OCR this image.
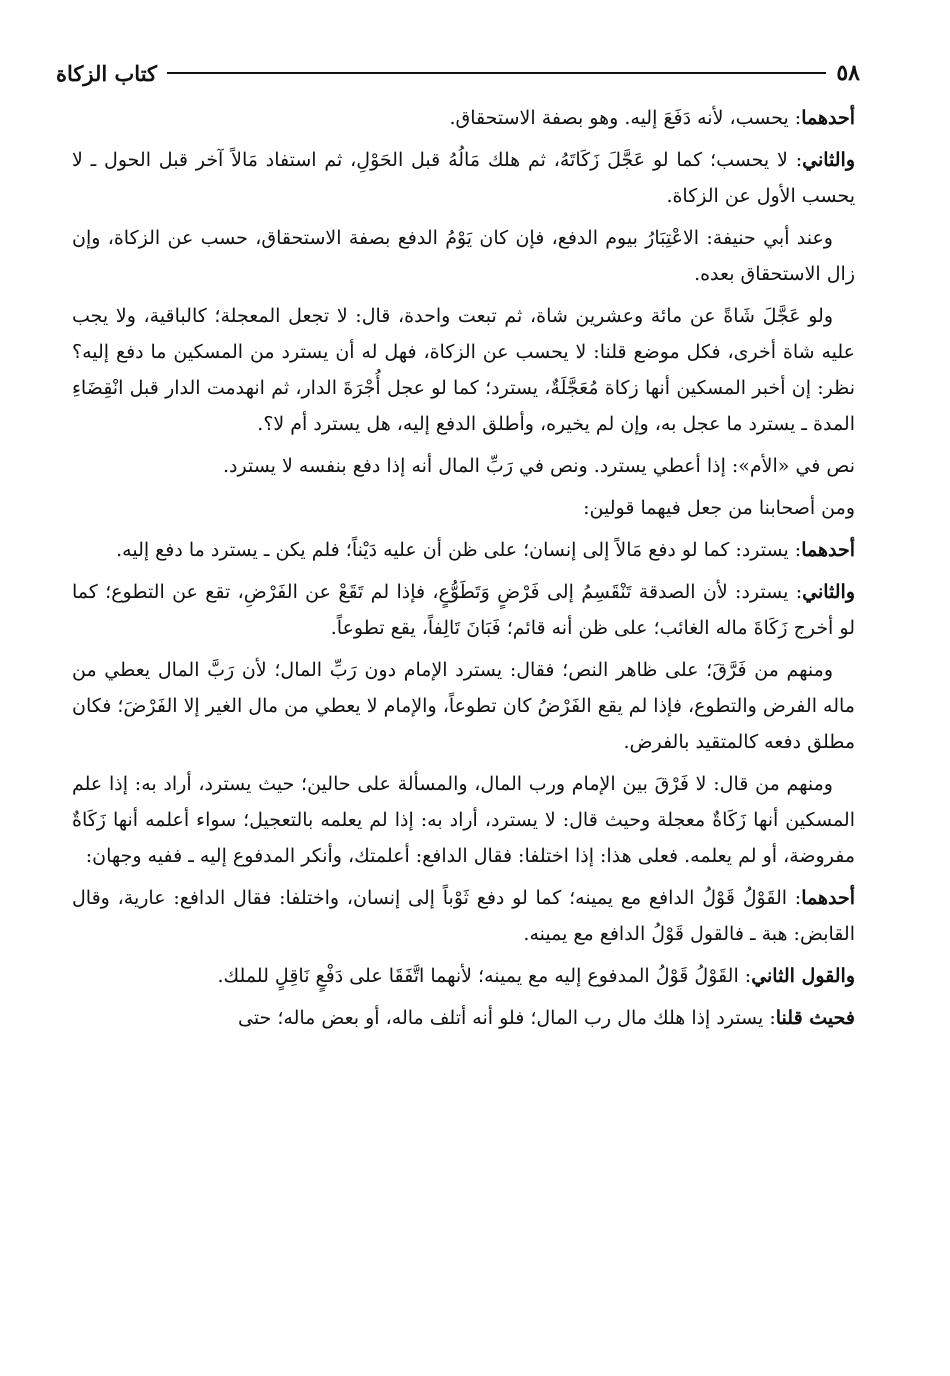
٥٨
كتاب الزكاة

أحدهما: يحسب، لأنه دَفَعَ إليه. وهو بصفة الاستحقاق.

والثاني: لا يحسب؛ كما لو عَجَّلَ زَكَاتَهُ، ثم هلك مَالُهُ قبل الحَوْلِ، ثم استفاد مَالاً آخر قبل الحول ـ لا يحسب الأول عن الزكاة.

وعند أبي حنيفة: الاعْتِبَارُ بيوم الدفع، فإن كان يَوْمُ الدفع بصفة الاستحقاق، حسب عن الزكاة، وإن زال الاستحقاق بعده.

ولو عَجَّلَ شَاةً عن مائة وعشرين شاة، ثم تبعت واحدة، قال: لا تجعل المعجلة؛ كالباقية، ولا يجب عليه شاة أخرى، فكل موضع قلنا: لا يحسب عن الزكاة، فهل له أن يسترد من المسكين ما دفع إليه؟ نظر: إن أخبر المسكين أنها زكاة مُعَجَّلَةٌ، يسترد؛ كما لو عجل أُجْرَةَ الدار، ثم انهدمت الدار قبل انْقِضَاءِ المدة ـ يسترد ما عجل به، وإن لم يخيره، وأطلق الدفع إليه، هل يسترد أم لا؟.

نص في «الأم»: إذا أعطي يسترد. ونص في رَبِّ المال أنه إذا دفع بنفسه لا يسترد.

ومن أصحابنا من جعل فيهما قولين:

أحدهما: يسترد: كما لو دفع مَالاً إلى إنسان؛ على ظن أن عليه دَيْناً؛ فلم يكن ـ يسترد ما دفع إليه.

والثاني: يسترد: لأن الصدقة تَنْقَسِمُ إلى فَرْضٍ وَتَطَوُّعٍ، فإذا لم تَقَعْ عن الفَرْضِ، تقع عن التطوع؛ كما لو أخرج زَكَاةَ ماله الغائب؛ على ظن أنه قائم؛ فَبَانَ تَالِفاً، يقع تطوعاً.

ومنهم من فَرَّقَ؛ على ظاهر النص؛ فقال: يسترد الإمام دون رَبِّ المال؛ لأن رَبَّ المال يعطي من ماله الفرض والتطوع، فإذا لم يقع الفَرْضُ كان تطوعاً، والإمام لا يعطي من مال الغير إلا الفَرْضَ؛ فكان مطلق دفعه كالمتقيد بالفرض.

ومنهم من قال: لا فَرْقَ بين الإمام ورب المال، والمسألة على حالين؛ حيث يسترد، أراد به: إذا علم المسكين أنها زَكَاةٌ معجلة وحيث قال: لا يسترد، أراد به: إذا لم يعلمه بالتعجيل؛ سواء أعلمه أنها زَكَاةٌ مفروضة، أو لم يعلمه. فعلى هذا: إذا اختلفا: فقال الدافع: أعلمتك، وأنكر المدفوع إليه ـ ففيه وجهان:

أحدهما: القَوْلُ قَوْلُ الدافع مع يمينه؛ كما لو دفع ثَوْباً إلى إنسان، واختلفا: فقال الدافع: عارية، وقال القابض: هبة ـ فالقول قَوْلُ الدافع مع يمينه.

والقول الثاني: القَوْلُ قَوْلُ المدفوع إليه مع يمينه؛ لأنهما اتَّفَقَا على دَفْعٍ نَاقِلٍ للملك.

فحيث قلنا: يسترد إذا هلك مال رب المال؛ فلو أنه أتلف ماله، أو بعض ماله؛ حتى
